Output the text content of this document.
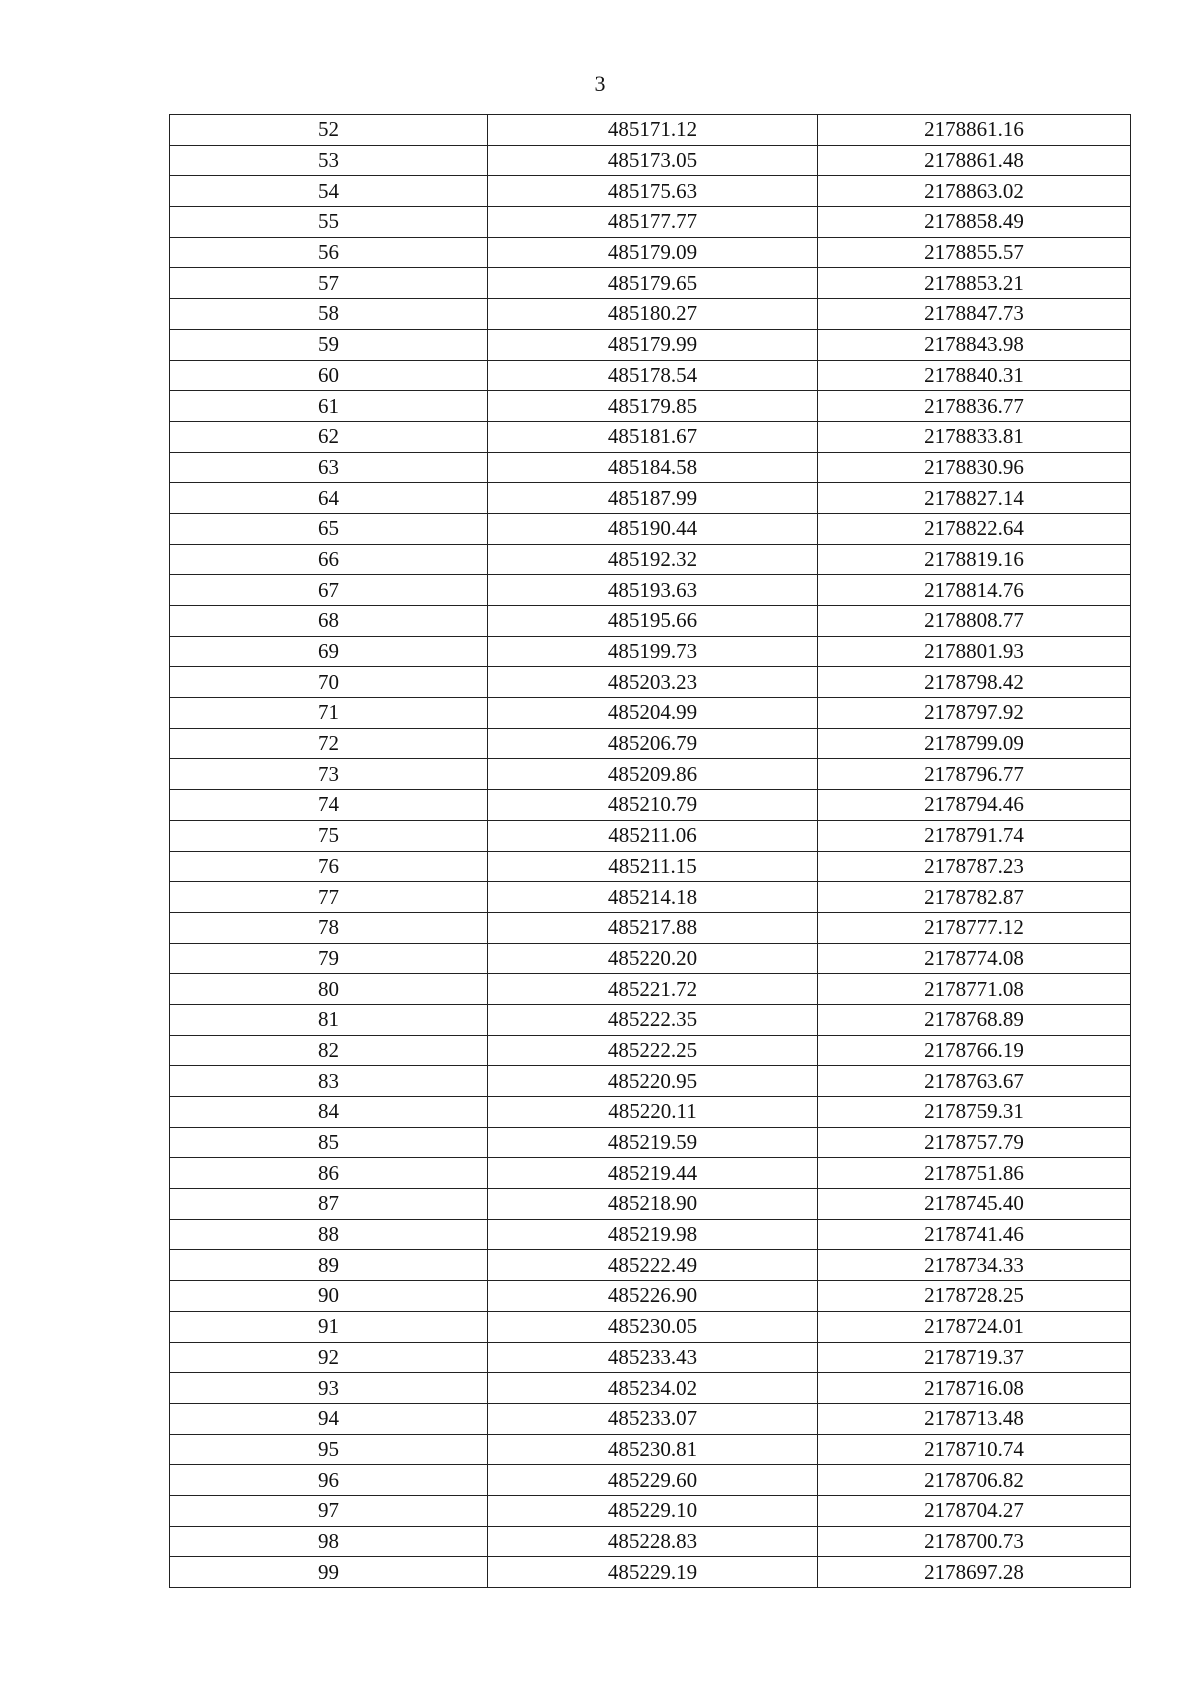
3
52	485171.12	2178861.16
53	485173.05	2178861.48
54	485175.63	2178863.02
55	485177.77	2178858.49
56	485179.09	2178855.57
57	485179.65	2178853.21
58	485180.27	2178847.73
59	485179.99	2178843.98
60	485178.54	2178840.31
61	485179.85	2178836.77
62	485181.67	2178833.81
63	485184.58	2178830.96
64	485187.99	2178827.14
65	485190.44	2178822.64
66	485192.32	2178819.16
67	485193.63	2178814.76
68	485195.66	2178808.77
69	485199.73	2178801.93
70	485203.23	2178798.42
71	485204.99	2178797.92
72	485206.79	2178799.09
73	485209.86	2178796.77
74	485210.79	2178794.46
75	485211.06	2178791.74
76	485211.15	2178787.23
77	485214.18	2178782.87
78	485217.88	2178777.12
79	485220.20	2178774.08
80	485221.72	2178771.08
81	485222.35	2178768.89
82	485222.25	2178766.19
83	485220.95	2178763.67
84	485220.11	2178759.31
85	485219.59	2178757.79
86	485219.44	2178751.86
87	485218.90	2178745.40
88	485219.98	2178741.46
89	485222.49	2178734.33
90	485226.90	2178728.25
91	485230.05	2178724.01
92	485233.43	2178719.37
93	485234.02	2178716.08
94	485233.07	2178713.48
95	485230.81	2178710.74
96	485229.60	2178706.82
97	485229.10	2178704.27
98	485228.83	2178700.73
99	485229.19	2178697.28
